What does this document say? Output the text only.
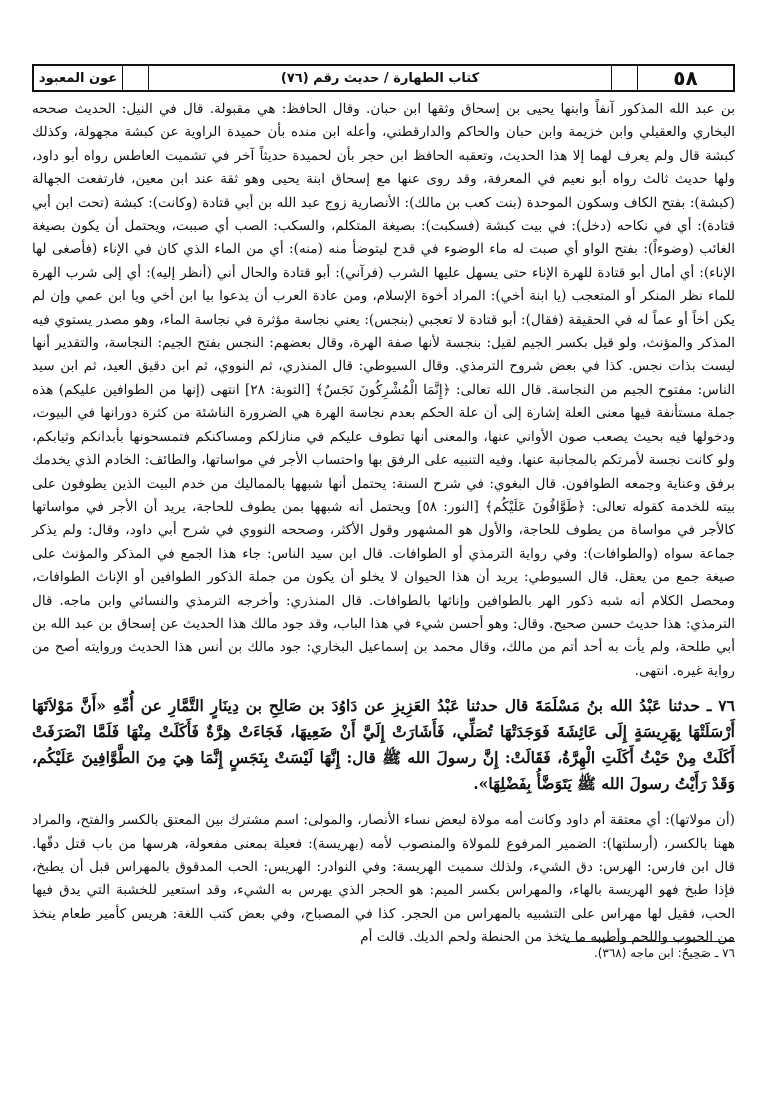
٥٨
كتاب الطهارة / حديث رقم (٧٦)
عون المعبود

بن عبد الله المذكور آنفاً وابنها يحيى بن إسحاق وثقها ابن حبان. وقال الحافظ: هي مقبولة. قال في النيل: الحديث صححه البخاري والعقيلي وابن خزيمة وابن حبان والحاكم والدارقطني، وأعله ابن منده بأن حميدة الراوية عن كبشة مجهولة، وكذلك كبشة قال ولم يعرف لهما إلا هذا الحديث، وتعقبه الحافظ ابن حجر بأن لحميدة حديثاً آخر في تشميت العاطس رواه أبو داود، ولها حديث ثالث رواه أبو نعيم في المعرفة، وقد روى عنها مع إسحاق ابنة يحيى وهو ثقة عند ابن معين، فارتفعت الجهالة (كبشة): بفتح الكاف وسكون الموحدة (بنت كعب بن مالك): الأنصارية زوج عبد الله بن أبي قتادة (وكانت): كبشة (تحت ابن أبي قتادة): أي في نكاحه (دخل): في بيت كبشة (فسكبت): بصيغة المتكلم، والسكب: الصب أي صببت، ويحتمل أن يكون بصيغة الغائب (وضوءاً): بفتح الواو أي صبت له ماء الوضوء في قدح ليتوضأ منه (منه): أي من الماء الذي كان في الإناء (فأصغى لها الإناء): أي أمال أبو قتادة للهرة الإناء حتى يسهل عليها الشرب (فرآني): أبو قتادة والحال أني (أنظر إليه): أي إلى شرب الهرة للماء نظر المنكر أو المتعجب (يا ابنة أخي): المراد أخوة الإسلام، ومن عادة العرب أن يدعوا بيا ابن أخي ويا ابن عمي وإن لم يكن أخاً أو عماً له في الحقيقة (فقال): أبو قتادة لا تعجبي (بنجس): يعني نجاسة مؤثرة في نجاسة الماء، وهو مصدر يستوي فيه المذكر والمؤنث، ولو قيل بكسر الجيم لقيل: بنجسة لأنها صفة الهرة، وقال بعضهم: النجس بفتح الجيم: النجاسة، والتقدير أنها ليست بذات نجس. كذا في بعض شروح الترمذي. وقال السيوطي: قال المنذري، ثم النووي، ثم ابن دقيق العيد، ثم ابن سيد الناس: مفتوح الجيم من النجاسة. قال الله تعالى: ﴿إِنَّمَا الْمُشْرِكُونَ نَجَسٌ﴾ [التوبة: ٢٨] انتهى (إنها من الطوافين عليكم) هذه جملة مستأنفة فيها معنى العلة إشارة إلى أن علة الحكم بعدم نجاسة الهرة هي الضرورة الناشئة من كثرة دورانها في البيوت، ودخولها فيه بحيث يصعب صون الأواني عنها، والمعنى أنها تطوف عليكم في منازلكم ومساكنكم فتمسحونها بأبدانكم وثيابكم، ولو كانت نجسة لأمرتكم بالمجانبة عنها. وفيه التنبيه على الرفق بها واحتساب الأجر في مواساتها، والطائف: الخادم الذي يخدمك برفق وعناية وجمعه الطوافون. قال البغوي: في شرح السنة: يحتمل أنها شبهها بالمماليك من خدم البيت الذين يطوفون على بيته للخدمة كقوله تعالى: ﴿طَوَّافُونَ عَلَيْكُم﴾ [النور: ٥٨] ويحتمل أنه شبهها بمن يطوف للحاجة، يريد أن الأجر في مواساتها كالأجر في مواساة من يطوف للحاجة، والأول هو المشهور وقول الأكثر، وصححه النووي في شرح أبي داود، وقال: ولم يذكر جماعة سواه (والطوافات): وفي رواية الترمذي أو الطوافات. قال ابن سيد الناس: جاء هذا الجمع في المذكر والمؤنث على صيغة جمع من يعقل. قال السيوطي: يريد أن هذا الحيوان لا يخلو أن يكون من جملة الذكور الطوافين أو الإناث الطوافات، ومحصل الكلام أنه شبه ذكور الهر بالطوافين وإناثها بالطوافات. قال المنذري: وأخرجه الترمذي والنسائي وابن ماجه. قال الترمذي: هذا حديث حسن صحيح. وقال: وهو أحسن شيء في هذا الباب، وقد جود مالك هذا الحديث عن إسحاق بن عبد الله بن أبي طلحة، ولم يأت به أحد أتم من مالك، وقال محمد بن إسماعيل البخاري: جود مالك بن أنس هذا الحديث وروايته أصح من رواية غيره. انتهى.

٧٦ ـ حدثنا عَبْدُ الله بنُ مَسْلَمَةَ قال حدثنا عَبْدُ العَزِيزِ عن دَاوُدَ بن صَالِحِ بن دِينَارٍ التَّمَّارِ عن أُمِّهِ «أَنَّ مَوْلاَتَهَا أَرْسَلَتْهَا بِهَرِيسَةٍ إِلَى عَائِشَةَ فَوَجَدَتْهَا تُصَلِّي، فَأَشَارَتْ إِلَيَّ أَنْ ضَعِيهَا، فَجَاءَتْ هِرَّةٌ فَأَكَلَتْ مِنْهَا فَلَمَّا انْصَرَفَتْ أَكَلَتْ مِنْ حَيْثُ أَكَلَتِ الْهِرَّةُ، فَقَالَتْ: إِنَّ رسولَ الله ﷺ قال: إِنَّهَا لَيْسَتْ بِنَجَسٍ إِنَّمَا هِيَ مِنَ الطَّوَّافِينَ عَلَيْكُم، وَقَدْ رَأَيْتُ رسولَ الله ﷺ يَتَوَضَّأُ بِفَضْلِهَا».
(أن مولاتها): أي معتقة أم داود وكانت أمه مولاة لبعض نساء الأنصار، والمولى: اسم مشترك بين المعتق بالكسر والفتح، والمراد ههنا بالكسر، (أرسلتها): الضمير المرفوع للمولاة والمنصوب لأمه (بهريسة): فعيلة بمعنى مفعولة، هرسها من باب قتل دقّها. قال ابن فارس: الهرس: دق الشيء، ولذلك سميت الهريسة: وفي النوادر: الهريس: الحب المدقوق بالمهراس قبل أن يطبخ، فإذا طبخ فهو الهريسة بالهاء، والمهراس بكسر الميم: هو الحجر الذي يهرس به الشيء، وقد استعير للخشبة التي يدق فيها الحب، فقيل لها مهراس على التشبيه بالمهراس من الحجر. كذا في المصباح، وفي بعض كتب اللغة: هريس كأمير طعام ينخذ من الحبوب واللحم وأطيبه ما يتخذ من الحنطة ولحم الديك. قالت أم
٧٦ ـ صَحِيحٌ: ابن ماجه (٣٦٨).
